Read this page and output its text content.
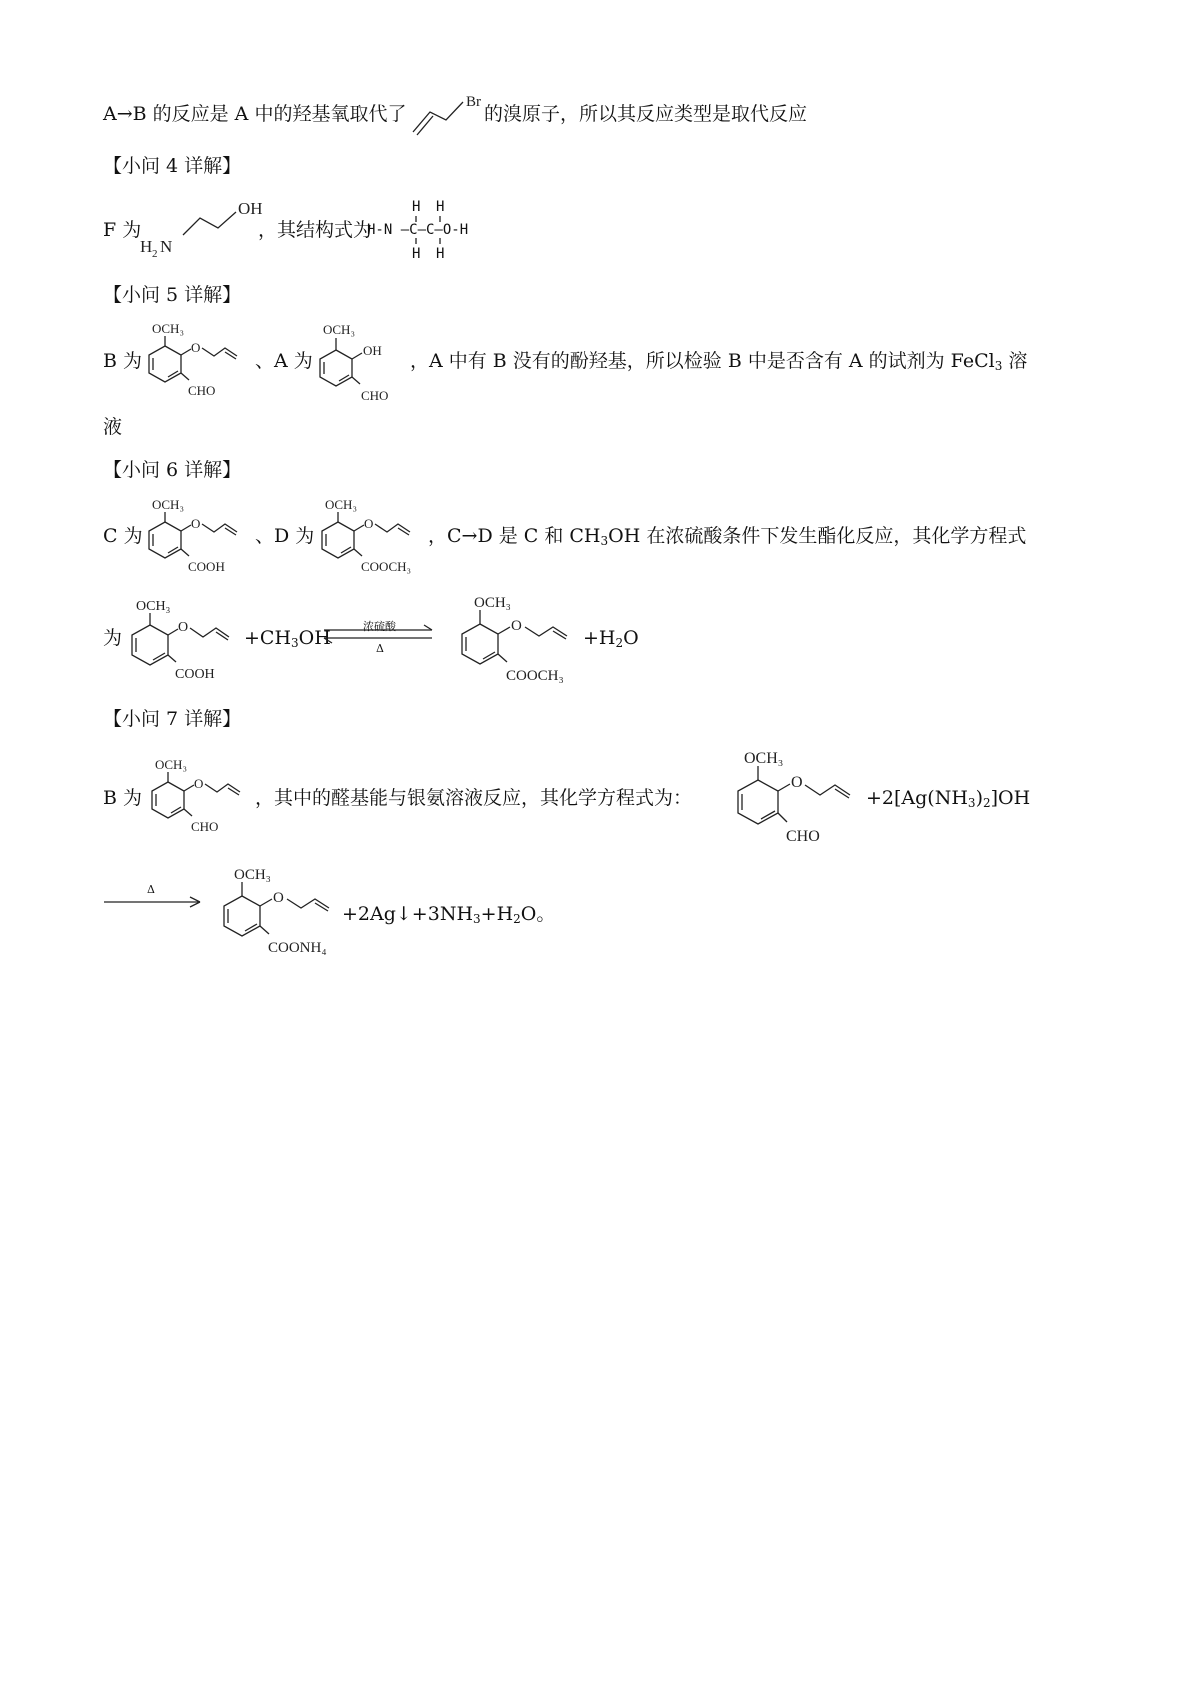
A→B 的反应是 A 中的羟基氧取代了
Br
的溴原子，所以其反应类型是取代反应
【小问 4 详解】
F 为
OH
H 2 N
，其结构式为
H-N —C—C—O-H
H H
H H
【小问 5 详解】
B 为
OCH₃
O
CHO
、A 为
OCH₃
OH
CHO
，A 中有 B 没有的酚羟基，所以检验 B 中是否含有 A 的试剂为 FeCl$_3$ 溶
液
【小问 6 详解】
C 为
OCH₃
O
COOH
、D 为
OCH₃
O
COOCH₃
，C→D 是 C 和 $CH_3OH$ 在浓硫酸条件下发生酯化反应，其化学方程式
为
OCH₃
O
COOH
$+CH_3OH$
浓硫酸
Δ
OCH₃
O
COOCH₃
$+H_2O$
【小问 7 详解】
B 为
OCH₃
O
CHO
，其中的醛基能与银氨溶液反应，其化学方程式为：
OCH₃
O
CHO
$+2[Ag(NH_3)_2]OH$
Δ
OCH₃
O
COONH₄
$+2Ag↓+3NH_3+H_2O$。
